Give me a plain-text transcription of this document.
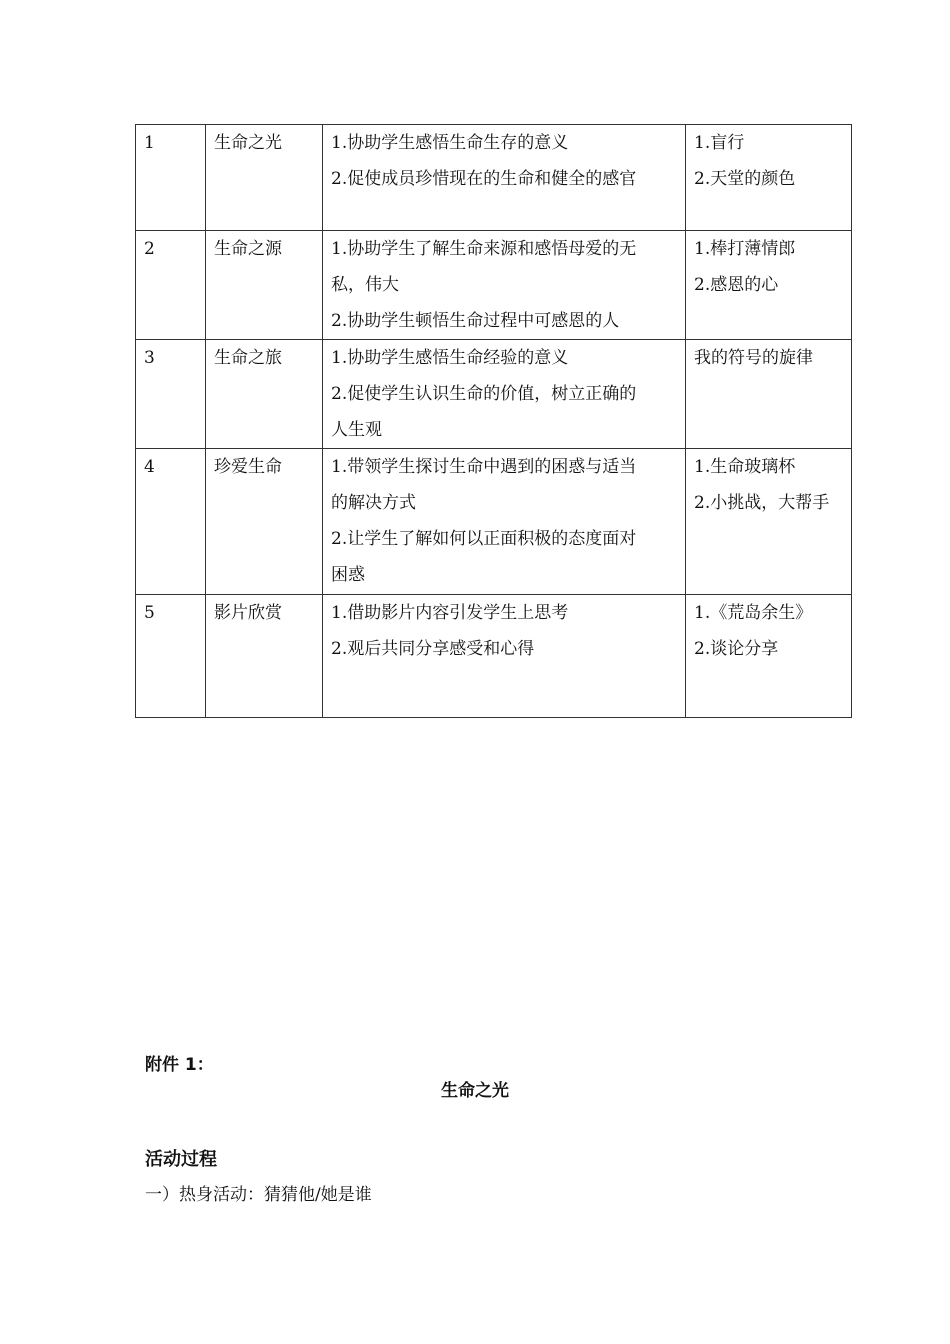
1	生命之光	1.协助学生感悟生命生存的意义
2.促使成员珍惜现在的生命和健全的感官	1.盲行
2.天堂的颜色

2	生命之源	1.协助学生了解生命来源和感悟母爱的无
私，伟大
2.协助学生顿悟生命过程中可感恩的人	1.棒打薄情郎
2.感恩的心

3	生命之旅	1.协助学生感悟生命经验的意义
2.促使学生认识生命的价值，树立正确的
人生观	我的符号的旋律

4	珍爱生命	1.带领学生探讨生命中遇到的困惑与适当
的解决方式
2.让学生了解如何以正面积极的态度面对
困惑	1.生命玻璃杯
2.小挑战，大帮手

5	影片欣赏	1.借助影片内容引发学生上思考
2.观后共同分享感受和心得	1.《荒岛余生》
2.谈论分享
附件 1：
生命之光
活动过程
一）热身活动：猜猜他/她是谁
